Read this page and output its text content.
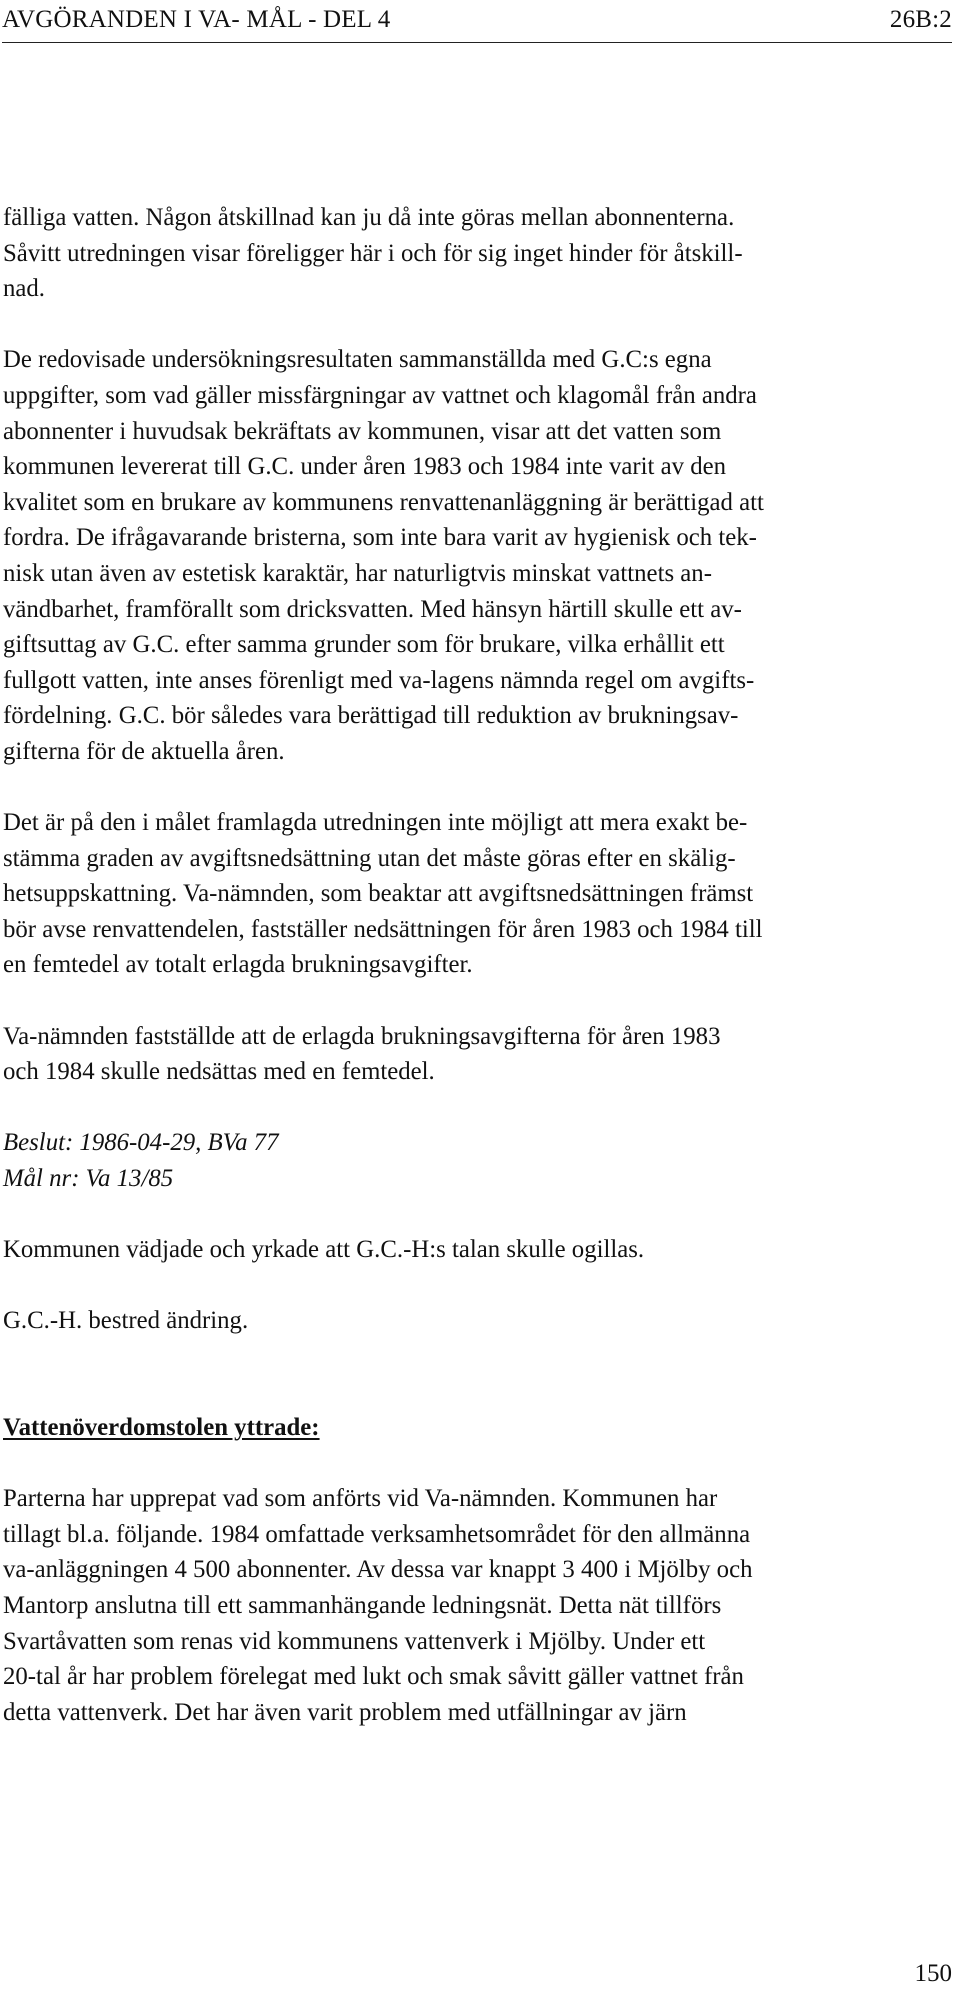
AVGÖRANDEN I VA- MÅL - DEL 4	26B:2

fälliga vatten. Någon åtskillnad kan ju då inte göras mellan abonnenterna.
Såvitt utredningen visar föreligger här i och för sig inget hinder för åtskill-
nad.

De redovisade undersökningsresultaten sammanställda med G.C:s egna
uppgifter, som vad gäller missfärgningar av vattnet och klagomål från andra
abonnenter i huvudsak bekräftats av kommunen, visar att det vatten som
kommunen levererat till G.C. under åren 1983 och 1984 inte varit av den
kvalitet som en brukare av kommunens renvattenanläggning är berättigad att
fordra. De ifrågavarande bristerna, som inte bara varit av hygienisk och tek-
nisk utan även av estetisk karaktär, har naturligtvis minskat vattnets an-
vändbarhet, framförallt som dricksvatten. Med hänsyn härtill skulle ett av-
giftsuttag av G.C. efter samma grunder som för brukare, vilka erhållit ett
fullgott vatten, inte anses förenligt med va-lagens nämnda regel om avgifts-
fördelning. G.C. bör således vara berättigad till reduktion av brukningsav-
gifterna för de aktuella åren.

Det är på den i målet framlagda utredningen inte möjligt att mera exakt be-
stämma graden av avgiftsnedsättning utan det måste göras efter en skälig-
hetsuppskattning. Va-nämnden, som beaktar att avgiftsnedsättningen främst
bör avse renvattendelen, fastställer nedsättningen för åren 1983 och 1984 till
en femtedel av totalt erlagda brukningsavgifter.

Va-nämnden fastställde att de erlagda brukningsavgifterna för åren 1983
och 1984 skulle nedsättas med en femtedel.

Beslut: 1986-04-29, BVa 77
Mål nr: Va 13/85

Kommunen vädjade och yrkade att G.C.-H:s talan skulle ogillas.

G.C.-H. bestred ändring.

Vattenöverdomstolen yttrade:

Parterna har upprepat vad som anförts vid Va-nämnden. Kommunen har
tillagt bl.a. följande. 1984 omfattade verksamhetsområdet för den allmänna
va-anläggningen 4 500 abonnenter. Av dessa var knappt 3 400 i Mjölby och
Mantorp anslutna till ett sammanhängande ledningsnät. Detta nät tillförs
Svartåvatten som renas vid kommunens vattenverk i Mjölby. Under ett
20-tal år har problem förelegat med lukt och smak såvitt gäller vattnet från
detta vattenverk. Det har även varit problem med utfällningar av järn

150
